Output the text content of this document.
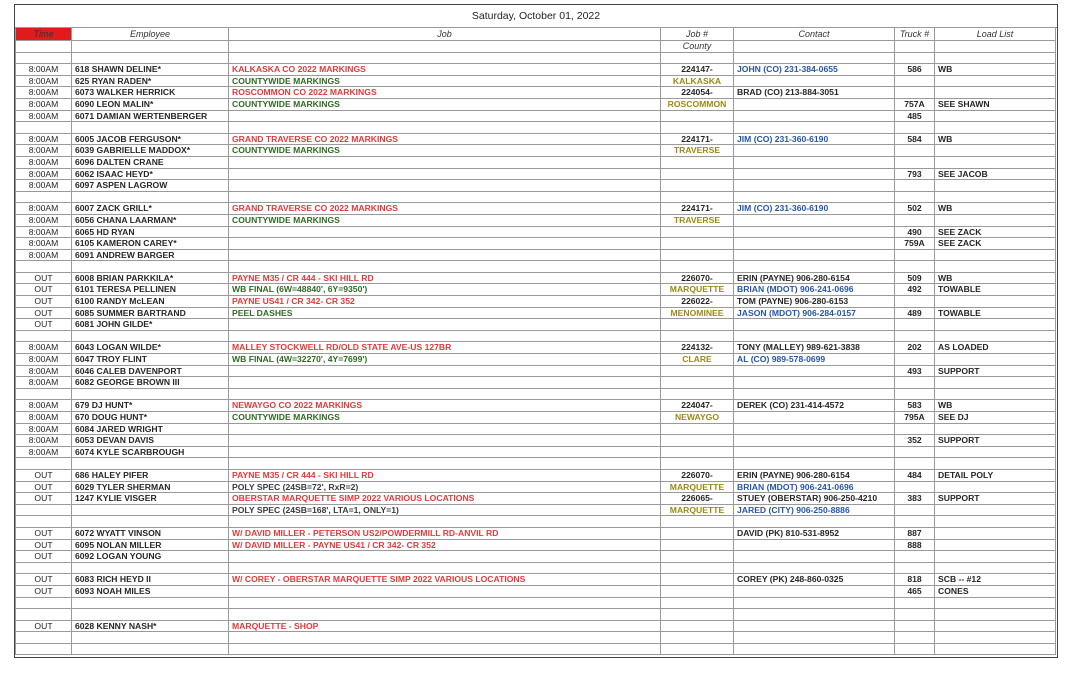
Saturday, October 01, 2022
Time	Employee	Job	Job #	Contact	Truck #	Load List
			County			

8:00AM	618 SHAWN DELINE*	KALKASKA CO 2022 MARKINGS	224147-	JOHN (CO) 231-384-0655	586	WB
8:00AM	625 RYAN RADEN*	COUNTYWIDE MARKINGS	KALKASKA			
8:00AM	6073 WALKER HERRICK	ROSCOMMON CO 2022 MARKINGS	224054-	BRAD (CO) 213-884-3051		
8:00AM	6090 LEON MALIN*	COUNTYWIDE MARKINGS	ROSCOMMON		757A	SEE SHAWN
8:00AM	6071 DAMIAN WERTENBERGER				485	

8:00AM	6005 JACOB FERGUSON*	GRAND TRAVERSE CO 2022 MARKINGS	224171-	JIM (CO) 231-360-6190	584	WB
8:00AM	6039 GABRIELLE MADDOX*	COUNTYWIDE MARKINGS	TRAVERSE			
8:00AM	6096 DALTEN CRANE					
8:00AM	6062 ISAAC HEYD*				793	SEE JACOB
8:00AM	6097 ASPEN LAGROW					

8:00AM	6007 ZACK GRILL*	GRAND TRAVERSE CO 2022 MARKINGS	224171-	JIM (CO) 231-360-6190	502	WB
8:00AM	6056 CHANA LAARMAN*	COUNTYWIDE MARKINGS	TRAVERSE			
8:00AM	6065 HD RYAN				490	SEE ZACK
8:00AM	6105 KAMERON CAREY*				759A	SEE ZACK
8:00AM	6091 ANDREW BARGER					

OUT	6008 BRIAN PARKKILA*	PAYNE M35 / CR 444 - SKI HILL RD	226070-	ERIN (PAYNE) 906-280-6154	509	WB
OUT	6101 TERESA PELLINEN	WB FINAL (6W=48840', 6Y=9350')	MARQUETTE	BRIAN (MDOT) 906-241-0696	492	TOWABLE
OUT	6100 RANDY McLEAN	PAYNE US41 / CR 342- CR 352	226022-	TOM (PAYNE) 906-280-6153		
OUT	6085 SUMMER BARTRAND	PEEL DASHES	MENOMINEE	JASON (MDOT) 906-284-0157	489	TOWABLE
OUT	6081 JOHN GILDE*					

8:00AM	6043 LOGAN WILDE*	MALLEY STOCKWELL RD/OLD STATE AVE-US 127BR	224132-	TONY (MALLEY) 989-621-3838	202	AS LOADED
8:00AM	6047 TROY FLINT	WB FINAL (4W=32270', 4Y=7699')	CLARE	AL (CO) 989-578-0699		
8:00AM	6046 CALEB DAVENPORT				493	SUPPORT
8:00AM	6082 GEORGE BROWN III					

8:00AM	679 DJ HUNT*	NEWAYGO CO 2022 MARKINGS	224047-	DEREK (CO) 231-414-4572	583	WB
8:00AM	670 DOUG HUNT*	COUNTYWIDE MARKINGS	NEWAYGO		795A	SEE DJ
8:00AM	6084 JARED WRIGHT					
8:00AM	6053 DEVAN DAVIS				352	SUPPORT
8:00AM	6074 KYLE SCARBROUGH					

OUT	686 HALEY PIFER	PAYNE M35 / CR 444 - SKI HILL RD	226070-	ERIN (PAYNE) 906-280-6154	484	DETAIL POLY
OUT	6029 TYLER SHERMAN	POLY SPEC (24SB=72', RxR=2)	MARQUETTE	BRIAN (MDOT) 906-241-0696		
OUT	1247 KYLIE VISGER	OBERSTAR MARQUETTE SIMP 2022 VARIOUS LOCATIONS	226065-	STUEY (OBERSTAR) 906-250-4210	383	SUPPORT
		POLY SPEC (24SB=168', LTA=1, ONLY=1)	MARQUETTE	JARED (CITY) 906-250-8886		

OUT	6072 WYATT VINSON	W/ DAVID MILLER - PETERSON US2/POWDERMILL RD-ANVIL RD		DAVID (PK) 810-531-8952	887	
OUT	6095 NOLAN MILLER	W/ DAVID MILLER - PAYNE US41 / CR 342- CR 352			888	
OUT	6092 LOGAN YOUNG					

OUT	6083 RICH HEYD II	W/ COREY - OBERSTAR MARQUETTE SIMP 2022 VARIOUS LOCATIONS		COREY (PK) 248-860-0325	818	SCB -- #12
OUT	6093 NOAH MILES				465	CONES

OUT	6028 KENNY NASH*	MARQUETTE - SHOP				
